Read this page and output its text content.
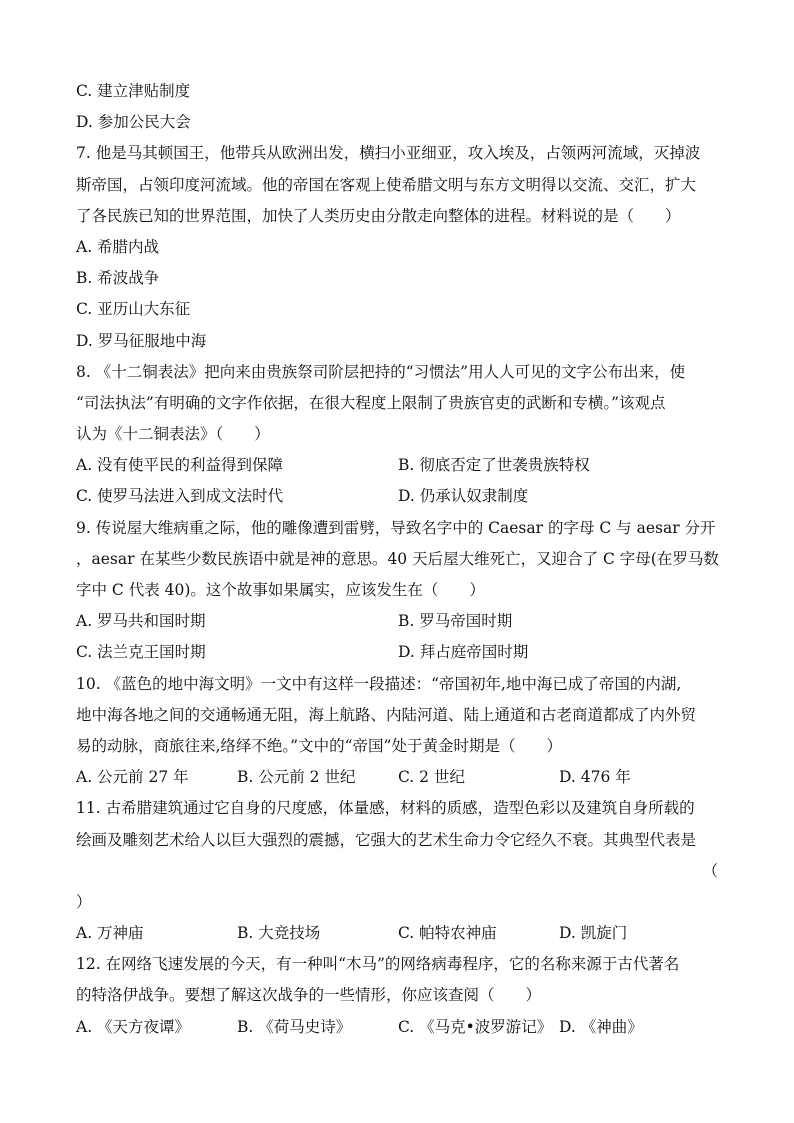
C. 建立津贴制度
D. 参加公民大会
7. 他是马其顿国王，他带兵从欧洲出发，横扫小亚细亚，攻入埃及，占领两河流域，灭掉波
斯帝国，占领印度河流域。他的帝国在客观上使希腊文明与东方文明得以交流、交汇，扩大
了各民族已知的世界范围，加快了人类历史由分散走向整体的进程。材料说的是（　　）
A. 希腊内战
B. 希波战争
C. 亚历山大东征
D. 罗马征服地中海
8. 《十二铜表法》把向来由贵族祭司阶层把持的“习惯法”用人人可见的文字公布出来，使
“司法执法”有明确的文字作依据，在很大程度上限制了贵族官吏的武断和专横。”该观点
认为《十二铜表法》（　　）
A. 没有使平民的利益得到保障	B. 彻底否定了世袭贵族特权
C. 使罗马法进入到成文法时代	D. 仍承认奴隶制度
9. 传说屋大维病重之际，他的雕像遭到雷劈，导致名字中的 Caesar 的字母 C 与 aesar 分开
，aesar 在某些少数民族语中就是神的意思。40 天后屋大维死亡，又迎合了 C 字母(在罗马数
字中 C 代表 40)。这个故事如果属实，应该发生在（　　）
A. 罗马共和国时期	B. 罗马帝国时期
C. 法兰克王国时期	D. 拜占庭帝国时期
10. 《蓝色的地中海文明》一文中有这样一段描述：“帝国初年,地中海已成了帝国的内湖,
地中海各地之间的交通畅通无阻，海上航路、内陆河道、陆上通道和古老商道都成了内外贸
易的动脉，商旅往来,络绎不绝。”文中的“帝国”处于黄金时期是（　　）
A. 公元前 27 年	B. 公元前 2 世纪	C. 2 世纪	D. 476 年
11. 古希腊建筑通过它自身的尺度感，体量感，材料的质感，造型色彩以及建筑自身所载的
绘画及雕刻艺术给人以巨大强烈的震撼，它强大的艺术生命力令它经久不衰。其典型代表是
（
）
A. 万神庙	B. 大竞技场	C. 帕特农神庙	D. 凯旋门
12. 在网络飞速发展的今天，有一种叫“木马”的网络病毒程序，它的名称来源于古代著名
的特洛伊战争。要想了解这次战争的一些情形，你应该查阅（　　）
A. 《天方夜谭》	B. 《荷马史诗》	C. 《马克•波罗游记》 D. 《神曲》
